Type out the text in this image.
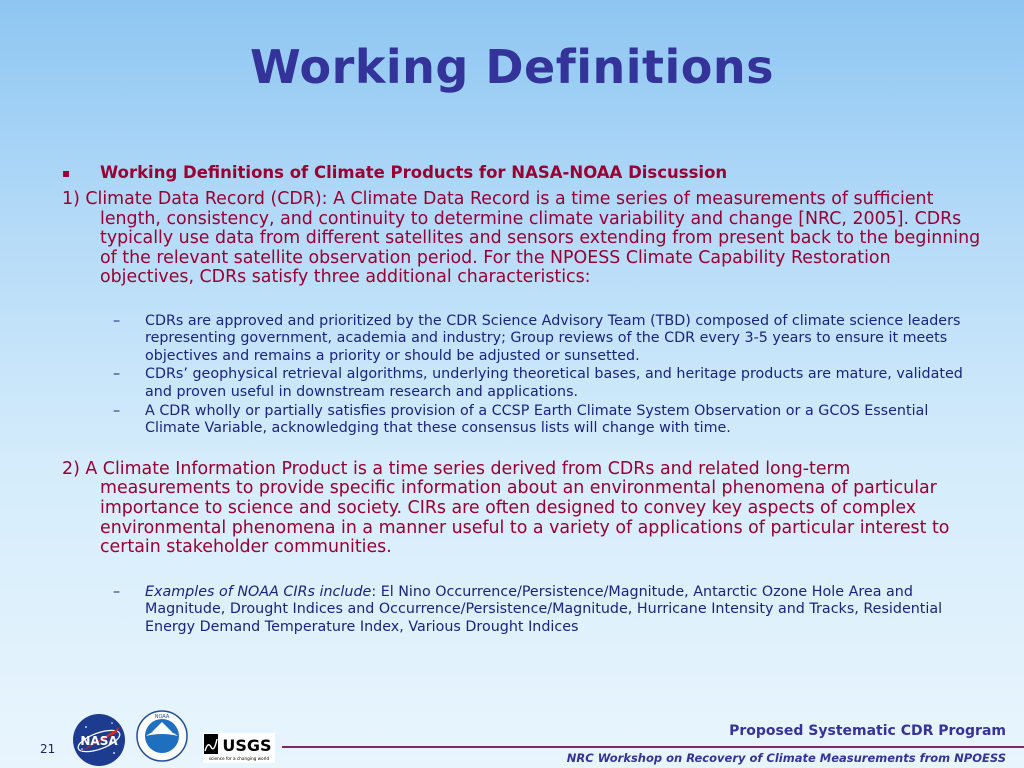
Working Definitions
▪ Working Definitions of Climate Products for NASA-NOAA Discussion

1) Climate Data Record (CDR): A Climate Data Record is a time series of measurements of sufficient length, consistency, and continuity to determine climate variability and change [NRC, 2005]. CDRs typically use data from different satellites and sensors extending from present back to the beginning of the relevant satellite observation period. For the NPOESS Climate Capability Restoration objectives, CDRs satisfy three additional characteristics:

– CDRs are approved and prioritized by the CDR Science Advisory Team (TBD) composed of climate science leaders representing government, academia and industry; Group reviews of the CDR every 3-5 years to ensure it meets objectives and remains a priority or should be adjusted or sunsetted.
– CDRs’ geophysical retrieval algorithms, underlying theoretical bases, and heritage products are mature, validated and proven useful in downstream research and applications.
– A CDR wholly or partially satisfies provision of a CCSP Earth Climate System Observation or a GCOS Essential Climate Variable, acknowledging that these consensus lists will change with time.

2) A Climate Information Product is a time series derived from CDRs and related long-term measurements to provide specific information about an environmental phenomena of particular importance to science and society. CIRs are often designed to convey key aspects of complex environmental phenomena in a manner useful to a variety of applications of particular interest to certain stakeholder communities.

– Examples of NOAA CIRs include: El Nino Occurrence/Persistence/Magnitude, Antarctic Ozone Hole Area and Magnitude, Drought Indices and Occurrence/Persistence/Magnitude, Hurricane Intensity and Tracks, Residential Energy Demand Temperature Index, Various Drought Indices
21
NASA
NOAA
USGS
science for a changing world
Proposed Systematic CDR Program
NRC Workshop on Recovery of Climate Measurements from NPOESS
